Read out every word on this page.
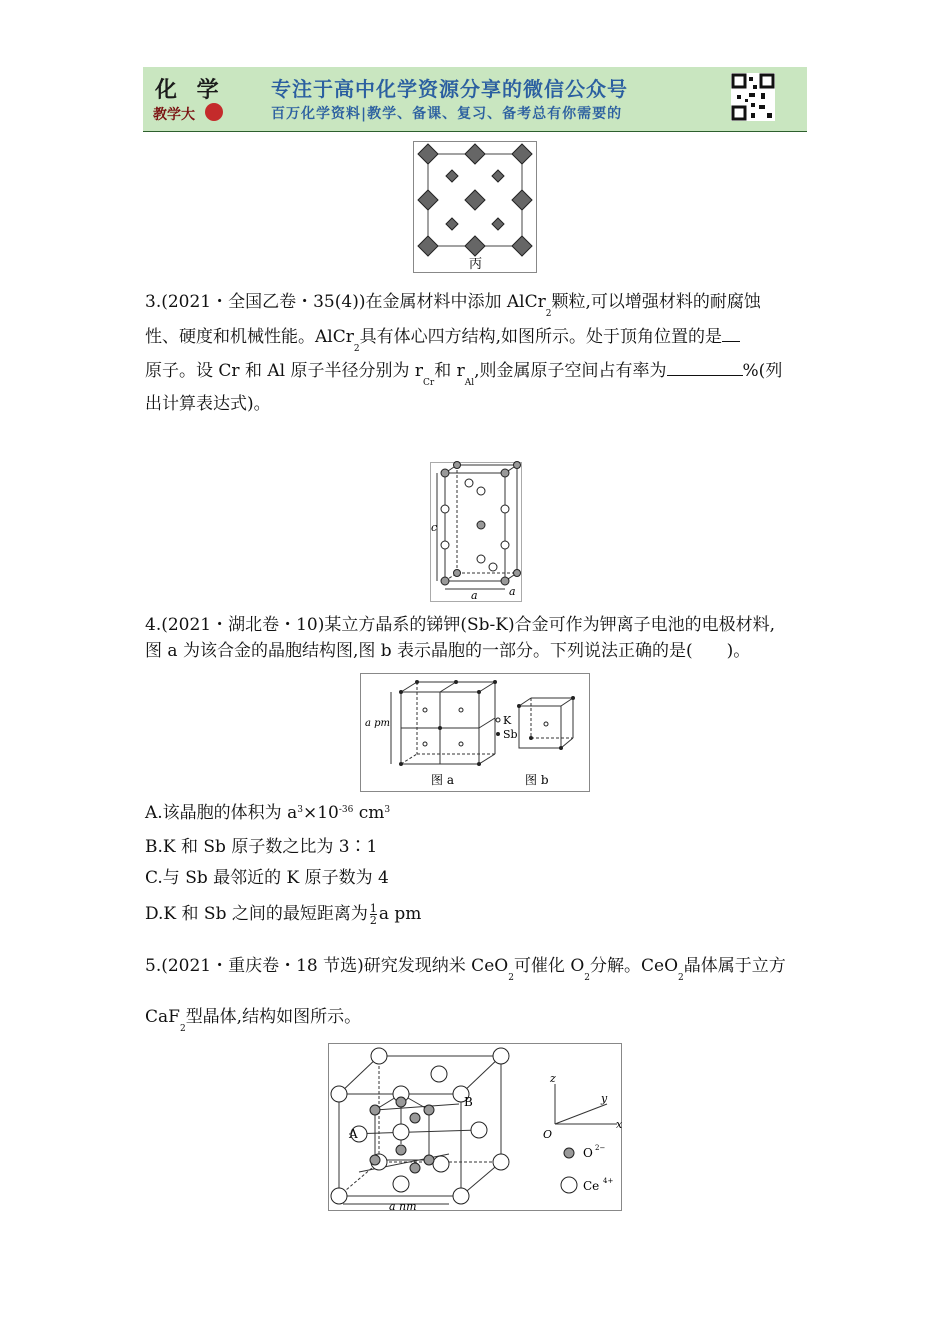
化 学
教学大
专注于高中化学资源分享的微信公众号
百万化学资料|教学、备课、复习、备考总有你需要的
丙
3.(2021・全国乙卷・35(4))在金属材料中添加 AlCr$_2$颗粒,可以增强材料的耐腐蚀
性、硬度和机械性能。AlCr$_2$具有体心四方结构,如图所示。处于顶角位置的是
原子。设 Cr 和 Al 原子半径分别为 $r_{Cr}$和 $r_{Al}$,则金属原子空间占有率为	%(列
出计算表达式)。
c
a	a
4.(2021・湖北卷・10)某立方晶系的锑钾(Sb-K)合金可作为钾离子电池的电极材料,
图 a 为该合金的晶胞结构图,图 b 表示晶胞的一部分。下列说法正确的是(　　)。
a pm	K
Sb
图 a	图 b
A.该晶胞的体积为 $a^3\times 10^{-36}$ $cm^3$
B.K 和 Sb 原子数之比为 3∶1
C.与 Sb 最邻近的 K 原子数为 4
D.K 和 Sb 之间的最短距离为 $\frac{1}{2}$ a pm
5.(2021・重庆卷・18 节选)研究发现纳米 CeO$_2$可催化 $O_2$分解。CeO$_2$晶体属于立方
CaF$_2$型晶体,结构如图所示。
A
B
a nm
z
y
x
O
O 2−
Ce 4+
